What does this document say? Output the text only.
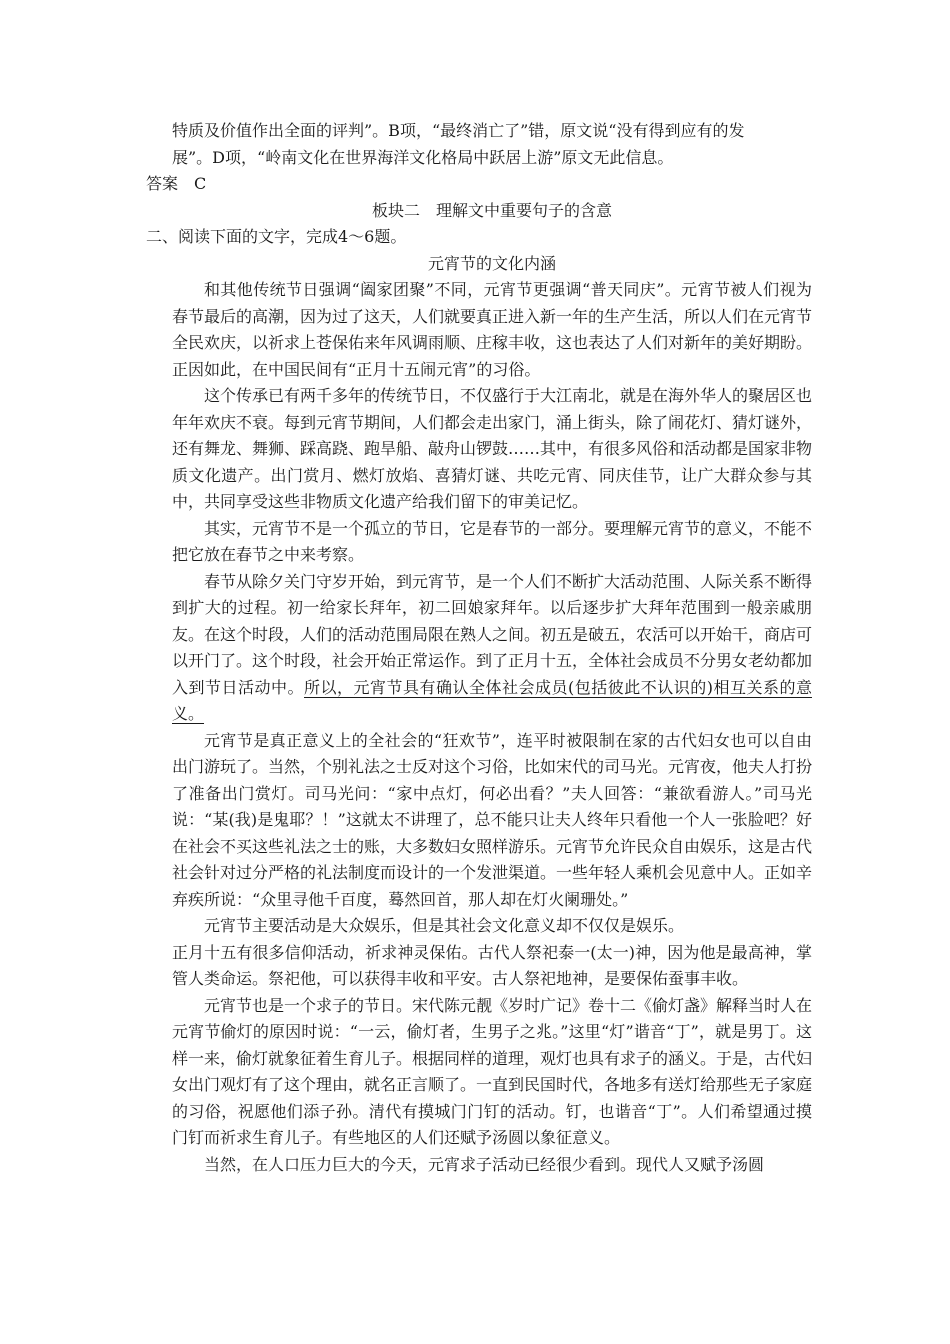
特质及价值作出全面的评判”。B项，“最终消亡了”错，原文说“没有得到应有的发
展”。D项，“岭南文化在世界海洋文化格局中跃居上游”原文无此信息。
答案　C
板块二　理解文中重要句子的含意
二、阅读下面的文字，完成4～6题。
元宵节的文化内涵
和其他传统节日强调“阖家团聚”不同，元宵节更强调“普天同庆”。元宵节被人们视为春节最后的高潮，因为过了这天，人们就要真正进入新一年的生产生活，所以人们在元宵节全民欢庆，以祈求上苍保佑来年风调雨顺、庄稼丰收，这也表达了人们对新年的美好期盼。正因如此，在中国民间有“正月十五闹元宵”的习俗。
这个传承已有两千多年的传统节日，不仅盛行于大江南北，就是在海外华人的聚居区也年年欢庆不衰。每到元宵节期间，人们都会走出家门，涌上街头，除了闹花灯、猜灯谜外，还有舞龙、舞狮、踩高跷、跑旱船、敲舟山锣鼓……其中，有很多风俗和活动都是国家非物质文化遗产。出门赏月、燃灯放焰、喜猜灯谜、共吃元宵、同庆佳节，让广大群众参与其中，共同享受这些非物质文化遗产给我们留下的审美记忆。
其实，元宵节不是一个孤立的节日，它是春节的一部分。要理解元宵节的意义，不能不把它放在春节之中来考察。
春节从除夕关门守岁开始，到元宵节，是一个人们不断扩大活动范围、人际关系不断得到扩大的过程。初一给家长拜年，初二回娘家拜年。以后逐步扩大拜年范围到一般亲戚朋友。在这个时段，人们的活动范围局限在熟人之间。初五是破五，农活可以开始干，商店可以开门了。这个时段，社会开始正常运作。到了正月十五，全体社会成员不分男女老幼都加入到节日活动中。所以，元宵节具有确认全体社会成员(包括彼此不认识的)相互关系的意义。
元宵节是真正意义上的全社会的“狂欢节”，连平时被限制在家的古代妇女也可以自由出门游玩了。当然，个别礼法之士反对这个习俗，比如宋代的司马光。元宵夜，他夫人打扮了准备出门赏灯。司马光问：“家中点灯，何必出看？”夫人回答：“兼欲看游人。”司马光说：“某(我)是鬼耶？！”这就太不讲理了，总不能只让夫人终年只看他一个人一张脸吧？好在社会不买这些礼法之士的账，大多数妇女照样游乐。元宵节允许民众自由娱乐，这是古代社会针对过分严格的礼法制度而设计的一个发泄渠道。一些年轻人乘机会见意中人。正如辛弃疾所说：“众里寻他千百度，蓦然回首，那人却在灯火阑珊处。”
元宵节主要活动是大众娱乐，但是其社会文化意义却不仅仅是娱乐。
正月十五有很多信仰活动，祈求神灵保佑。古代人祭祀泰一(太一)神，因为他是最高神，掌管人类命运。祭祀他，可以获得丰收和平安。古人祭祀地神，是要保佑蚕事丰收。
元宵节也是一个求子的节日。宋代陈元靓《岁时广记》卷十二《偷灯盏》解释当时人在元宵节偷灯的原因时说：“一云，偷灯者，生男子之兆。”这里“灯”谐音“丁”，就是男丁。这样一来，偷灯就象征着生育儿子。根据同样的道理，观灯也具有求子的涵义。于是，古代妇女出门观灯有了这个理由，就名正言顺了。一直到民国时代，各地多有送灯给那些无子家庭的习俗，祝愿他们添子孙。清代有摸城门门钉的活动。钉，也谐音“丁”。人们希望通过摸门钉而祈求生育儿子。有些地区的人们还赋予汤圆以象征意义。
当然，在人口压力巨大的今天，元宵求子活动已经很少看到。现代人又赋予汤圆
